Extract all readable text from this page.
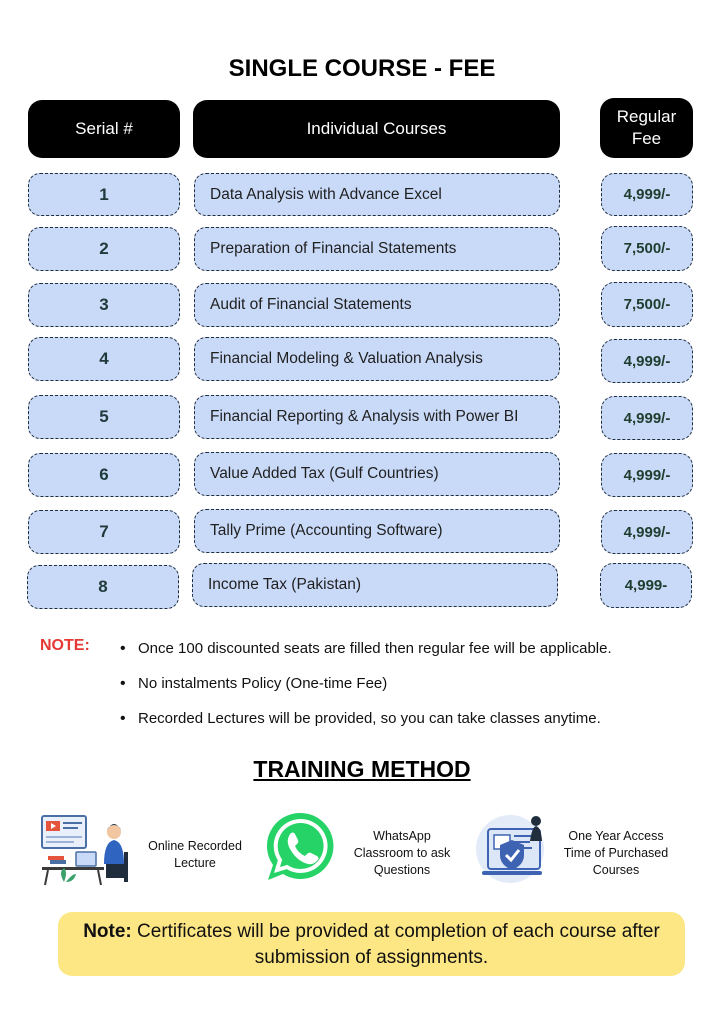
SINGLE COURSE - FEE
Serial #	Individual Courses
Regular
Fee
1	Data Analysis with Advance Excel	4,999/-
2	Preparation of Financial Statements	7,500/-
3	Audit of Financial Statements	7,500/-
4	Financial Modeling & Valuation Analysis	4,999/-
5	Financial Reporting & Analysis with Power BI	4,999/-
6	Value Added Tax (Gulf Countries)	4,999/-
7	Tally Prime (Accounting Software)	4,999/-
8	Income Tax (Pakistan)	4,999-
NOTE:
•	Once 100 discounted seats are filled then regular fee will be applicable.
• No instalments Policy (One-time Fee)
• Recorded Lectures will be provided, so you can take classes anytime.
TRAINING METHOD
Online Recorded
Lecture
WhatsApp
Classroom to ask
Questions
One Year Access
Time of Purchased
Courses
Note: Certificates will be provided at completion of each course after submission of assignments.
